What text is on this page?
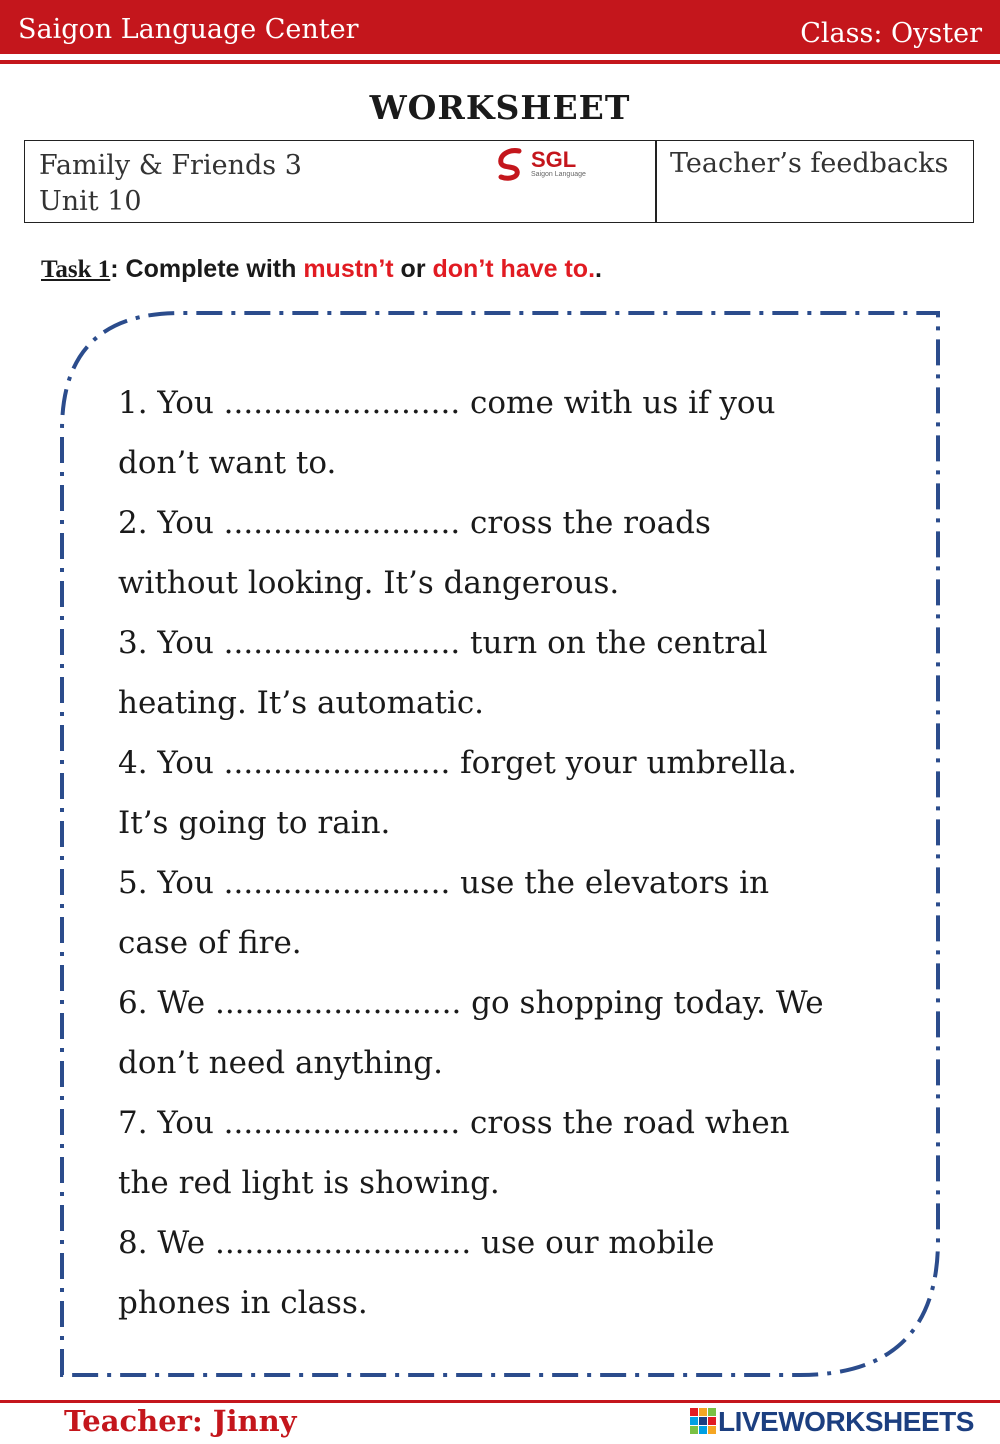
Saigon Language Center	Class: Oyster
WORKSHEET
Family & Friends 3
Unit 10
SGL
Saigon Language	Teacher’s feedbacks
Task 1: Complete with mustn’t or don’t have to..
1. You ........................ come with us if you
don’t want to.
2. You ........................ cross the roads
without looking. It’s dangerous.
3. You ........................ turn on the central
heating. It’s automatic.
4. You ....................... forget your umbrella.
It’s going to rain.
5. You ....................... use the elevators in
case of fire.
6. We ......................... go shopping today. We
don’t need anything.
7. You ........................ cross the road when
the red light is showing.
8. We .......................... use our mobile
phones in class.
Teacher: Jinny	LIVEWORKSHEETS
